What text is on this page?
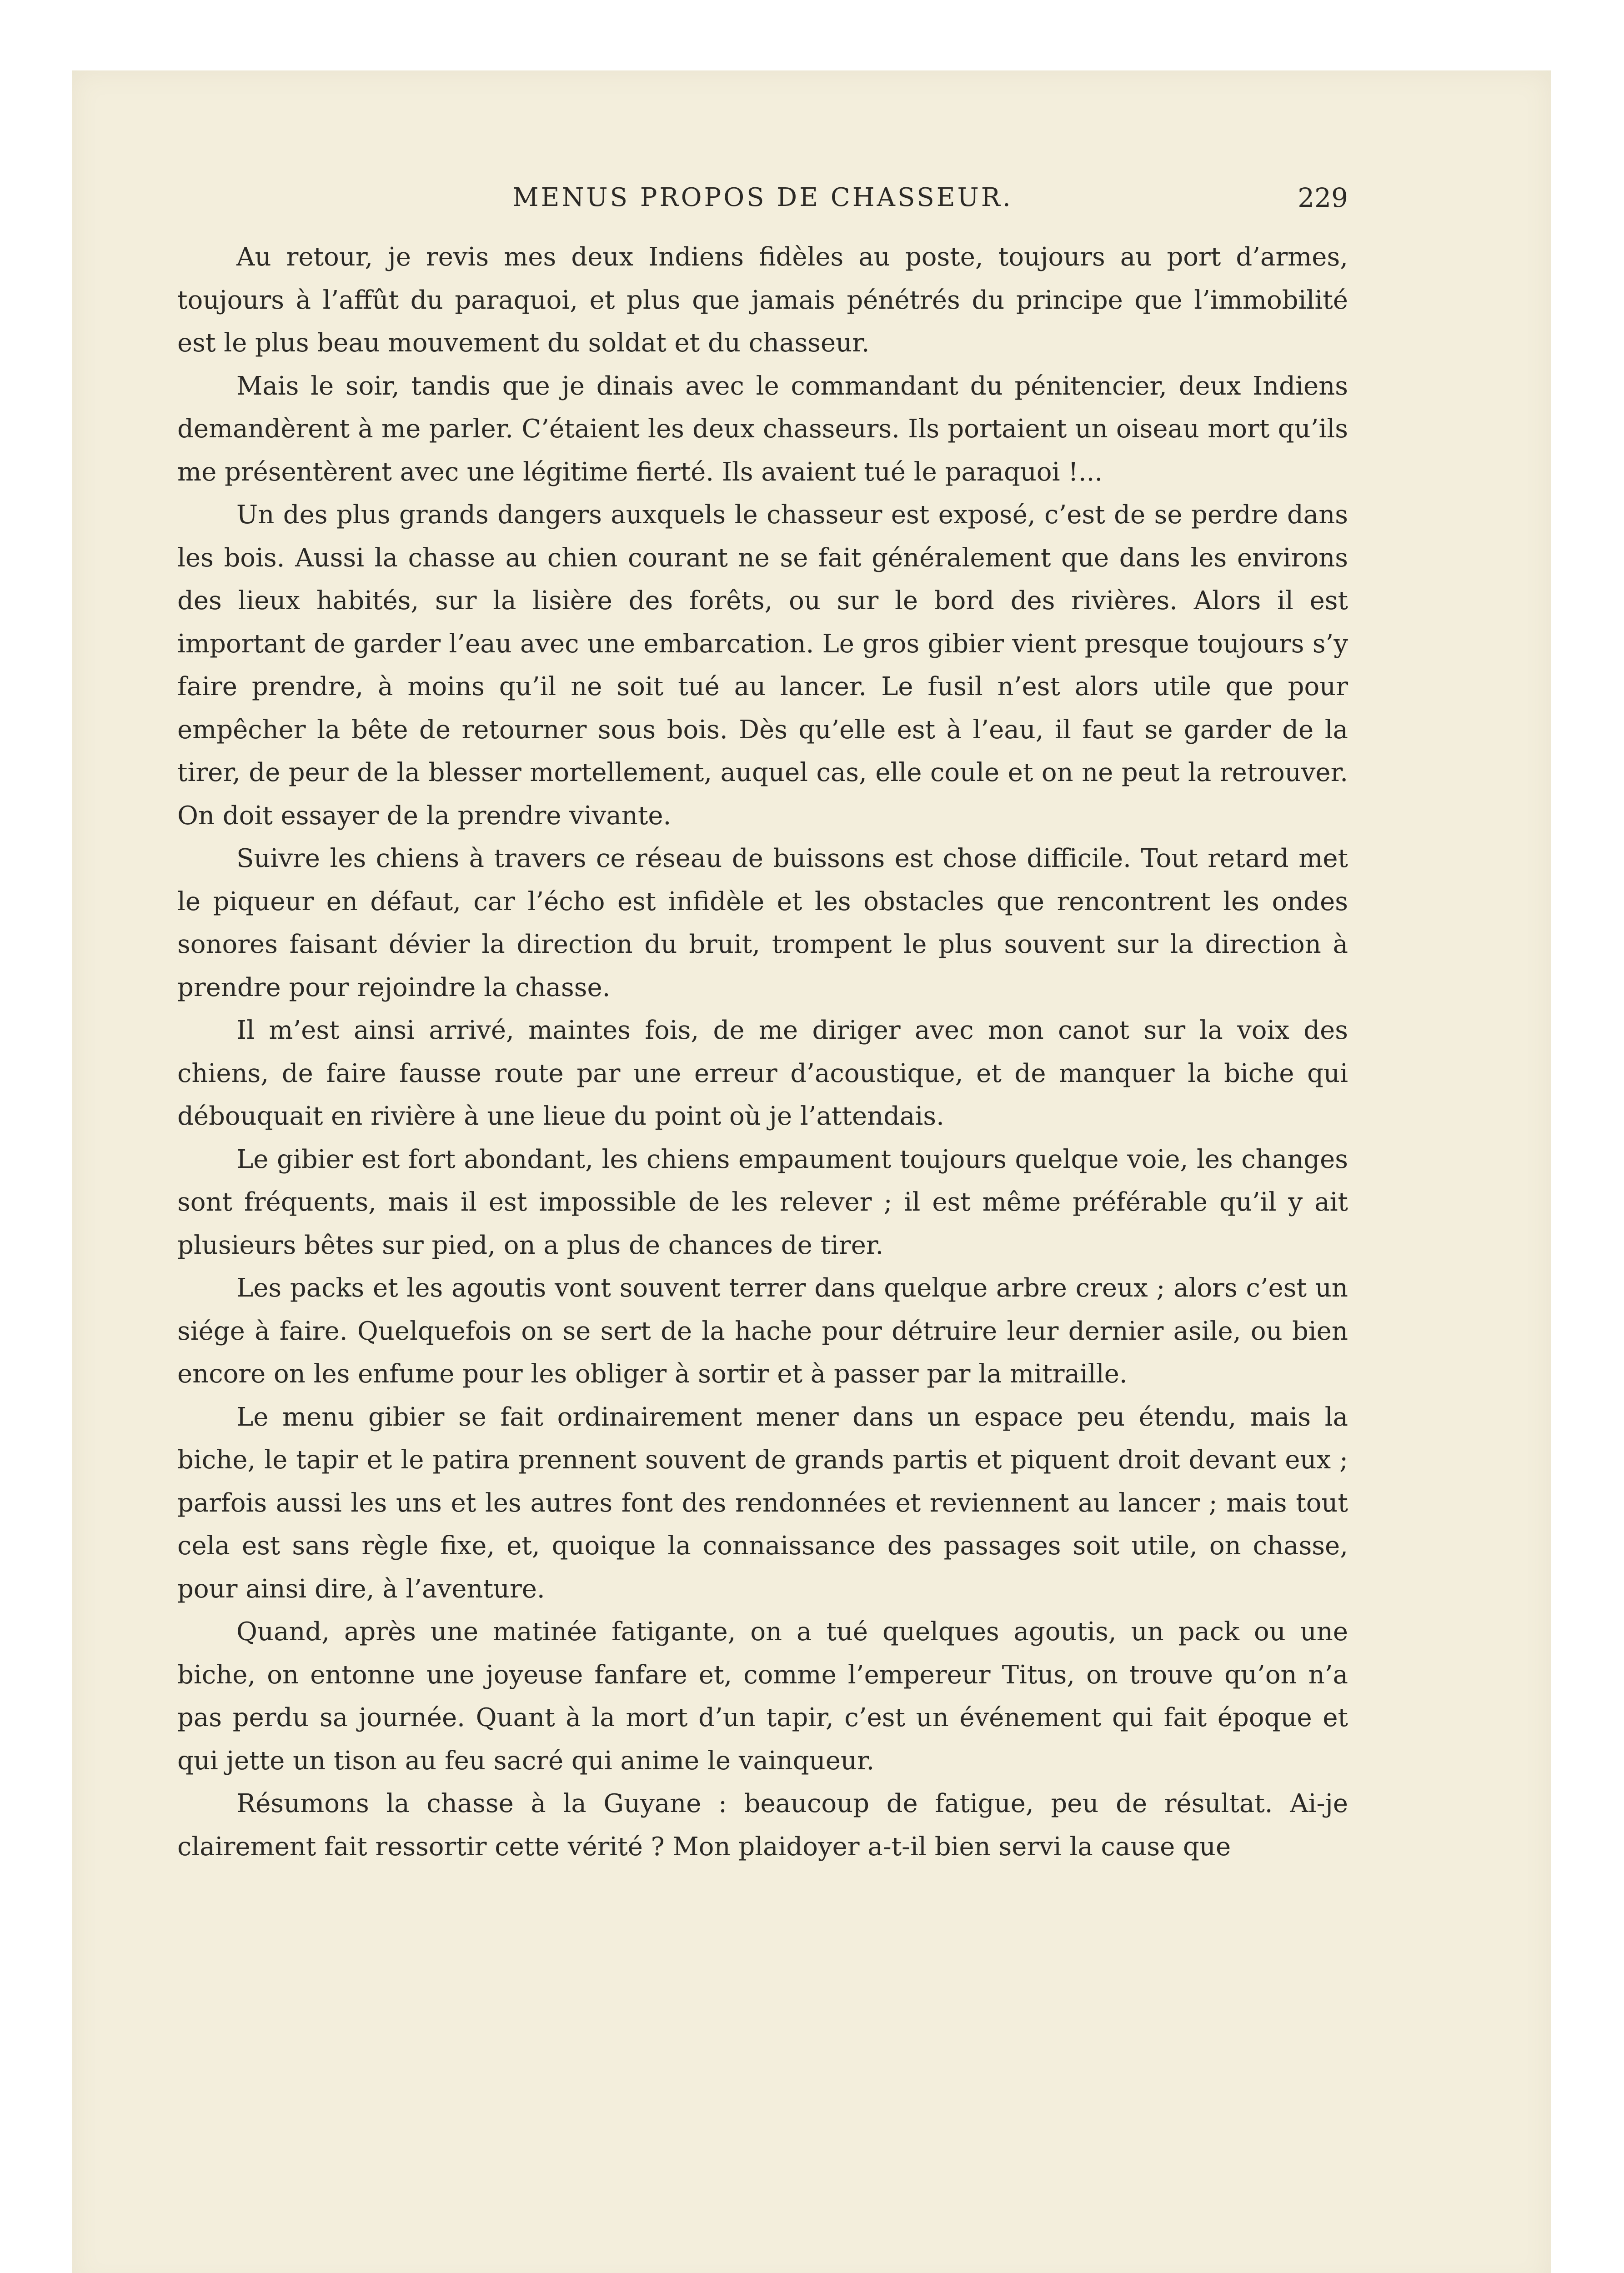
MENUS PROPOS DE CHASSEUR.	229

Au retour, je revis mes deux Indiens fidèles au poste, toujours au port d’armes, toujours à l’affût du paraquoi, et plus que jamais pénétrés du principe que l’immobilité est le plus beau mouvement du soldat et du chasseur.

Mais le soir, tandis que je dinais avec le commandant du pénitencier, deux Indiens demandèrent à me parler. C’étaient les deux chasseurs. Ils portaient un oiseau mort qu’ils me présentèrent avec une légitime fierté. Ils avaient tué le paraquoi !...

Un des plus grands dangers auxquels le chasseur est exposé, c’est de se perdre dans les bois. Aussi la chasse au chien courant ne se fait généralement que dans les environs des lieux habités, sur la lisière des forêts, ou sur le bord des rivières. Alors il est important de garder l’eau avec une embarcation. Le gros gibier vient presque toujours s’y faire prendre, à moins qu’il ne soit tué au lancer. Le fusil n’est alors utile que pour empêcher la bête de retourner sous bois. Dès qu’elle est à l’eau, il faut se garder de la tirer, de peur de la blesser mortellement, auquel cas, elle coule et on ne peut la retrouver. On doit essayer de la prendre vivante.

Suivre les chiens à travers ce réseau de buissons est chose difficile. Tout retard met le piqueur en défaut, car l’écho est infidèle et les obstacles que rencontrent les ondes sonores faisant dévier la direction du bruit, trompent le plus souvent sur la direction à prendre pour rejoindre la chasse.

Il m’est ainsi arrivé, maintes fois, de me diriger avec mon canot sur la voix des chiens, de faire fausse route par une erreur d’acoustique, et de manquer la biche qui débouquait en rivière à une lieue du point où je l’attendais.

Le gibier est fort abondant, les chiens empaument toujours quelque voie, les changes sont fréquents, mais il est impossible de les relever ; il est même préférable qu’il y ait plusieurs bêtes sur pied, on a plus de chances de tirer.

Les packs et les agoutis vont souvent terrer dans quelque arbre creux ; alors c’est un siége à faire. Quelquefois on se sert de la hache pour détruire leur dernier asile, ou bien encore on les enfume pour les obliger à sortir et à passer par la mitraille.

Le menu gibier se fait ordinairement mener dans un espace peu étendu, mais la biche, le tapir et le patira prennent souvent de grands partis et piquent droit devant eux ; parfois aussi les uns et les autres font des rendonnées et reviennent au lancer ; mais tout cela est sans règle fixe, et, quoique la connaissance des passages soit utile, on chasse, pour ainsi dire, à l’aventure.

Quand, après une matinée fatigante, on a tué quelques agoutis, un pack ou une biche, on entonne une joyeuse fanfare et, comme l’empereur Titus, on trouve qu’on n’a pas perdu sa journée. Quant à la mort d’un tapir, c’est un événement qui fait époque et qui jette un tison au feu sacré qui anime le vainqueur.

Résumons la chasse à la Guyane : beaucoup de fatigue, peu de résultat. Ai-je clairement fait ressortir cette vérité ? Mon plaidoyer a-t-il bien servi la cause que
